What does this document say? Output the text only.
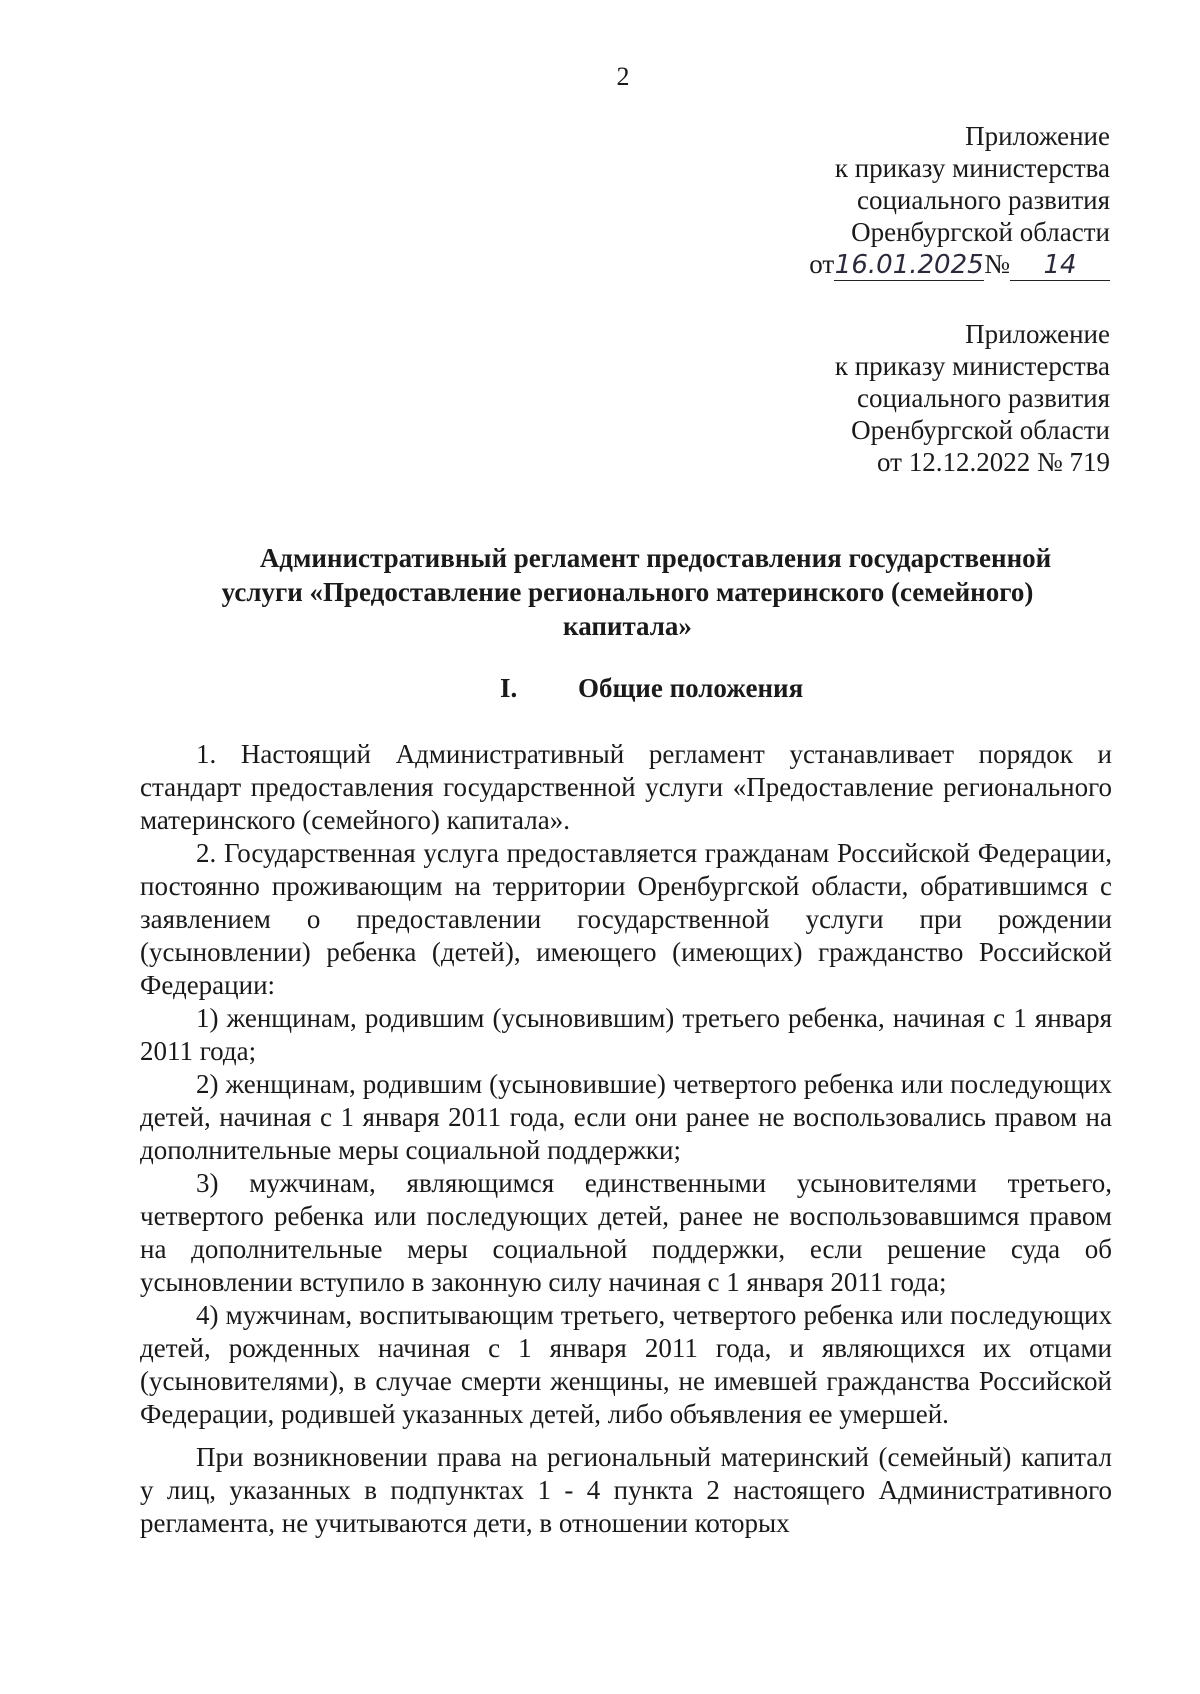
2
Приложение
к приказу министерства
социального развития
Оренбургской области
от16.01.2025№ 14
Приложение
к приказу министерства
социального развития
Оренбургской области
от 12.12.2022 № 719
Административный регламент предоставления государственной
услуги «Предоставление регионального материнского (семейного)
капитала»
I. Общие положения

1. Настоящий Административный регламент устанавливает порядок и стандарт предоставления государственной услуги «Предоставление регионального материнского (семейного) капитала».

2. Государственная услуга предоставляется гражданам Российской Федерации, постоянно проживающим на территории Оренбургской области, обратившимся с заявлением о предоставлении государственной услуги при рождении (усыновлении) ребенка (детей), имеющего (имеющих) гражданство Российской Федерации:

1) женщинам, родившим (усыновившим) третьего ребенка, начиная с 1 января 2011 года;

2) женщинам, родившим (усыновившие) четвертого ребенка или последующих детей, начиная с 1 января 2011 года, если они ранее не воспользовались правом на дополнительные меры социальной поддержки;

3) мужчинам, являющимся единственными усыновителями третьего, четвертого ребенка или последующих детей, ранее не воспользовавшимся правом на дополнительные меры социальной поддержки, если решение суда об усыновлении вступило в законную силу начиная с 1 января 2011 года;

4) мужчинам, воспитывающим третьего, четвертого ребенка или последующих детей, рожденных начиная с 1 января 2011 года, и являющихся их отцами (усыновителями), в случае смерти женщины, не имевшей гражданства Российской Федерации, родившей указанных детей, либо объявления ее умершей.

При возникновении права на региональный материнский (семейный) капитал у лиц, указанных в подпунктах 1 - 4 пункта 2 настоящего Административного регламента, не учитываются дети, в отношении которых
